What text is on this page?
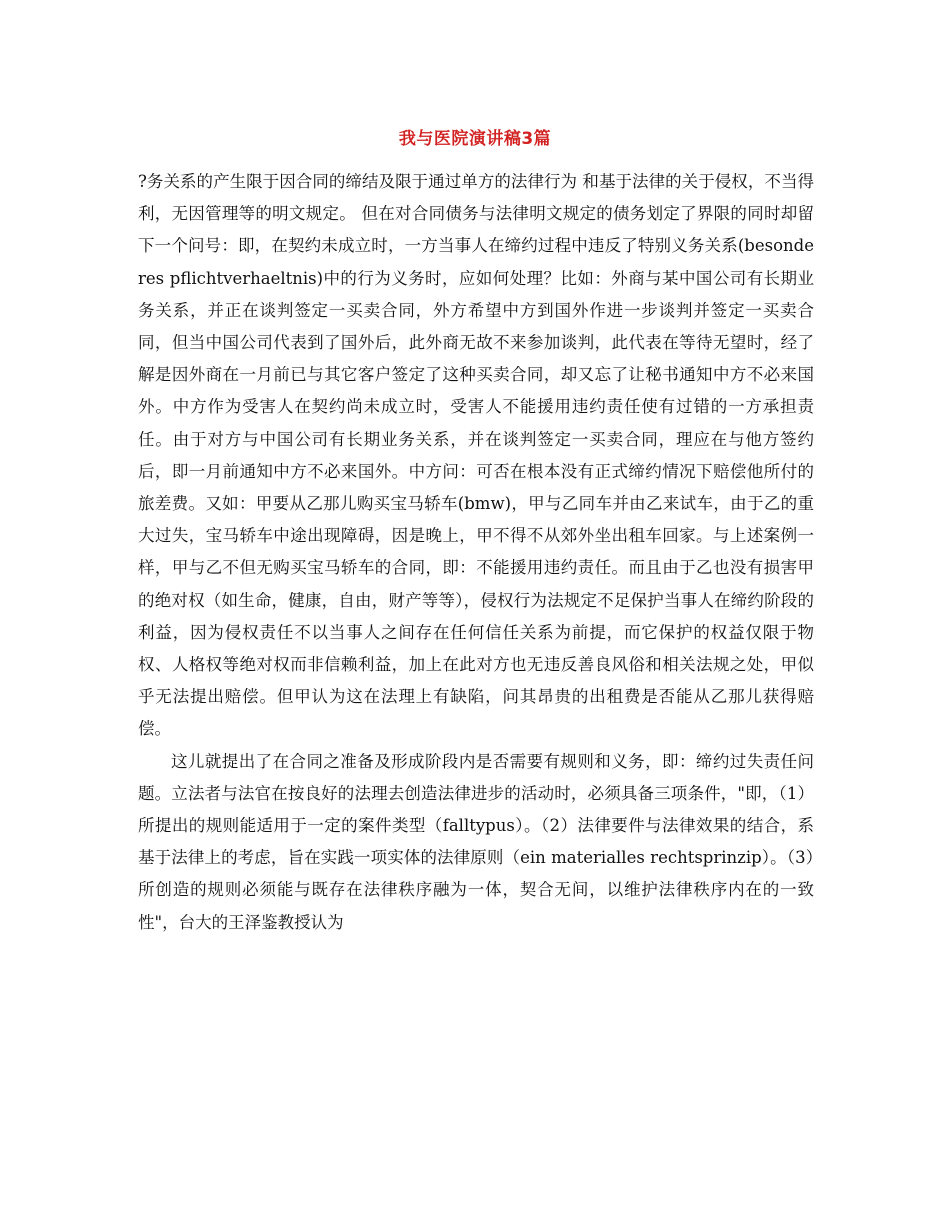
我与医院演讲稿3篇

?务关系的产生限于因合同的缔结及限于通过单方的法律行为 和基于法律的关于侵权，不当得利，无因管理等的明文规定。 但在对合同债务与法律明文规定的债务划定了界限的同时却留下一个问号：即，在契约未成立时，一方当事人在缔约过程中违反了特别义务关系(besonderes pflichtverhaeltnis)中的行为义务时，应如何处理？比如：外商与某中国公司有长期业务关系，并正在谈判签定一买卖合同，外方希望中方到国外作进一步谈判并签定一买卖合同，但当中国公司代表到了国外后，此外商无故不来参加谈判，此代表在等待无望时，经了解是因外商在一月前已与其它客户签定了这种买卖合同，却又忘了让秘书通知中方不必来国外。中方作为受害人在契约尚未成立时，受害人不能援用违约责任使有过错的一方承担责任。由于对方与中国公司有长期业务关系，并在谈判签定一买卖合同，理应在与他方签约后，即一月前通知中方不必来国外。中方问：可否在根本没有正式缔约情况下赔偿他所付的旅差费。又如：甲要从乙那儿购买宝马轿车(bmw)，甲与乙同车并由乙来试车，由于乙的重大过失，宝马轿车中途出现障碍，因是晚上，甲不得不从郊外坐出租车回家。与上述案例一样，甲与乙不但无购买宝马轿车的合同，即：不能援用违约责任。而且由于乙也没有损害甲的绝对权（如生命，健康，自由，财产等等），侵权行为法规定不足保护当事人在缔约阶段的利益，因为侵权责任不以当事人之间存在任何信任关系为前提，而它保护的权益仅限于物权、人格权等绝对权而非信赖利益，加上在此对方也无违反善良风俗和相关法规之处，甲似乎无法提出赔偿。但甲认为这在法理上有缺陷，问其昂贵的出租费是否能从乙那儿获得赔偿。

这儿就提出了在合同之准备及形成阶段内是否需要有规则和义务，即：缔约过失责任问题。立法者与法官在按良好的法理去创造法律进步的活动时，必须具备三项条件，"即，（1）所提出的规则能适用于一定的案件类型（falltypus）。（2）法律要件与法律效果的结合，系基于法律上的考虑，旨在实践一项实体的法律原则（ein materialles rechtsprinzip）。（3）所创造的规则必须能与既存在法律秩序融为一体，契合无间，以维护法律秩序内在的一致性"，台大的王泽鉴教授认为
